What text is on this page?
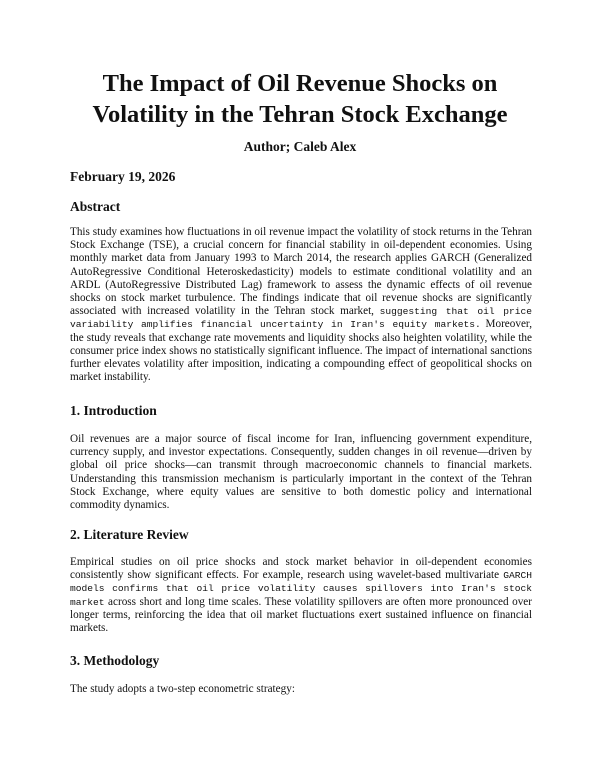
The Impact of Oil Revenue Shocks on
Volatility in the Tehran Stock Exchange
Author; Caleb Alex
February 19, 2026
Abstract

This study examines how fluctuations in oil revenue impact the volatility of stock returns in the Tehran Stock Exchange (TSE), a crucial concern for financial stability in oil-dependent economies. Using monthly market data from January 1993 to March 2014, the research applies GARCH (Generalized AutoRegressive Conditional Heteroskedasticity) models to estimate conditional volatility and an ARDL (AutoRegressive Distributed Lag) framework to assess the dynamic effects of oil revenue shocks on stock market turbulence. The findings indicate that oil revenue shocks are significantly associated with increased volatility in the Tehran stock market, suggesting that oil price variability amplifies financial uncertainty in Iran's equity markets. Moreover, the study reveals that exchange rate movements and liquidity shocks also heighten volatility, while the consumer price index shows no statistically significant influence. The impact of international sanctions further elevates volatility after imposition, indicating a compounding effect of geopolitical shocks on market instability.

1. Introduction

Oil revenues are a major source of fiscal income for Iran, influencing government expenditure, currency supply, and investor expectations. Consequently, sudden changes in oil revenue—driven by global oil price shocks—can transmit through macroeconomic channels to financial markets. Understanding this transmission mechanism is particularly important in the context of the Tehran Stock Exchange, where equity values are sensitive to both domestic policy and international commodity dynamics.

2. Literature Review

Empirical studies on oil price shocks and stock market behavior in oil-dependent economies consistently show significant effects. For example, research using wavelet-based multivariate GARCH models confirms that oil price volatility causes spillovers into Iran's stock market across short and long time scales. These volatility spillovers are often more pronounced over longer terms, reinforcing the idea that oil market fluctuations exert sustained influence on financial markets.

3. Methodology

The study adopts a two-step econometric strategy:
